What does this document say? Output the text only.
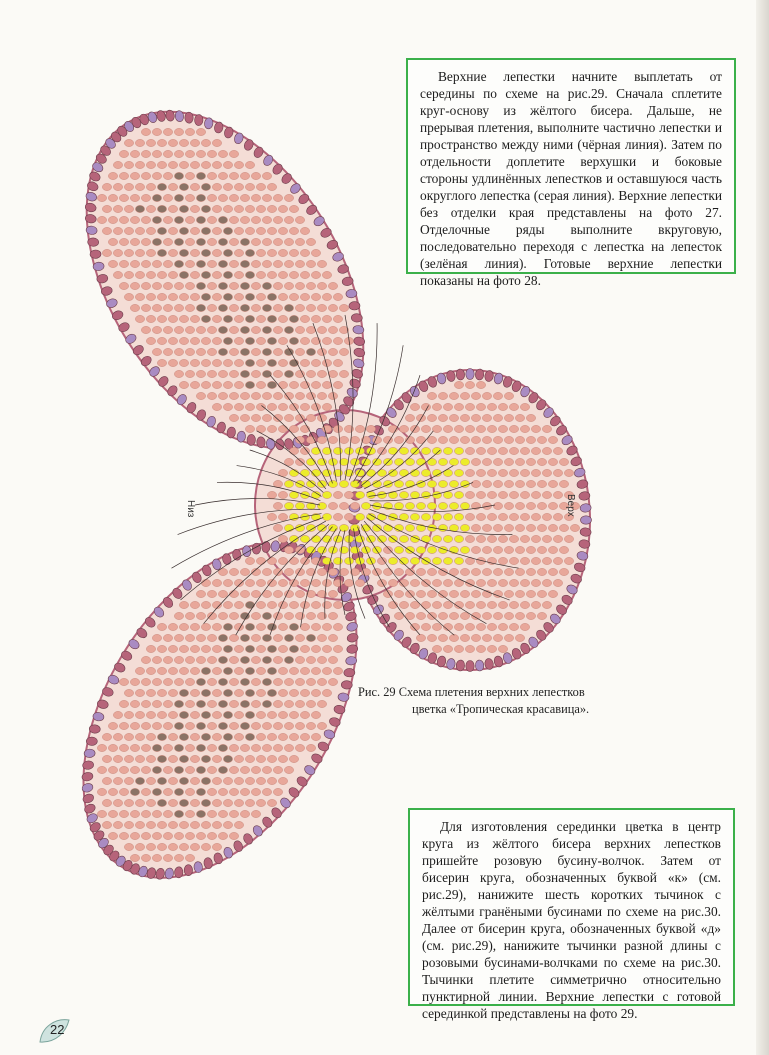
Верхние лепестки начните выплетать от середины по схеме на рис.29. Сначала сплетите круг-основу из жёлтого бисера. Дальше, не прерывая плетения, выполните частично лепестки и пространство между ними (чёрная линия). Затем по отдельности доплетите верхушки и боковые стороны удлинённых лепестков и оставшуюся часть округлого лепестка (серая линия). Верхние лепестки без отделки края представлены на фото 27. Отделочные ряды выполните вкруговую, последовательно переходя с лепестка на лепесток (зелёная линия). Готовые верхние лепестки показаны на фото 28.
Рис. 29 Схема плетения верхних лепестков
цветка «Тропическая красавица».
Низ	Верх
Для изготовления серединки цветка в центр круга из жёлтого бисера верхних лепестков пришейте розовую бусину-волчок. Затем от бисерин круга, обозначенных буквой «к» (см. рис.29), нанижите шесть коротких тычинок с жёлтыми гранёными бусинами по схеме на рис.30. Далее от бисерин круга, обозначенных буквой «д» (см. рис.29), нанижите тычинки разной длины с розовыми бусинами-волчками по схеме на рис.30. Тычинки плетите симметрично относительно пунктирной линии. Верхние лепестки с готовой серединкой представлены на фото 29.
22
